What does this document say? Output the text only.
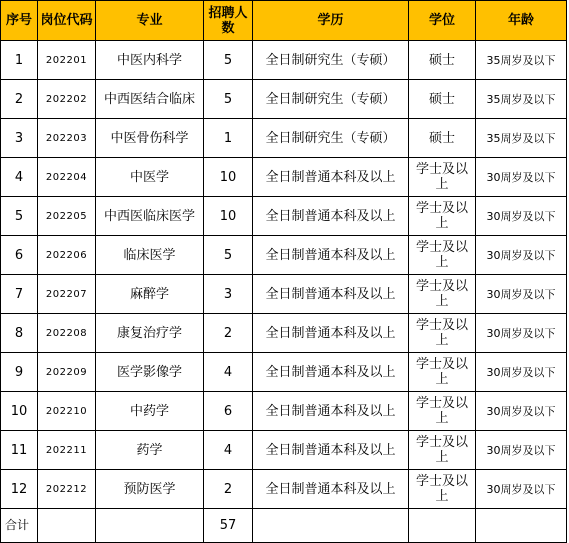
序号	岗位代码	专业	招聘人数	学历	学位	年龄
1	202201	中医内科学	5	全日制研究生（专硕）	硕士	35周岁及以下
2	202202	中西医结合临床	5	全日制研究生（专硕）	硕士	35周岁及以下
3	202203	中医骨伤科学	1	全日制研究生（专硕）	硕士	35周岁及以下
4	202204	中医学	10	全日制普通本科及以上	学士及以上	30周岁及以下
5	202205	中西医临床医学	10	全日制普通本科及以上	学士及以上	30周岁及以下
6	202206	临床医学	5	全日制普通本科及以上	学士及以上	30周岁及以下
7	202207	麻醉学	3	全日制普通本科及以上	学士及以上	30周岁及以下
8	202208	康复治疗学	2	全日制普通本科及以上	学士及以上	30周岁及以下
9	202209	医学影像学	4	全日制普通本科及以上	学士及以上	30周岁及以下
10	202210	中药学	6	全日制普通本科及以上	学士及以上	30周岁及以下
11	202211	药学	4	全日制普通本科及以上	学士及以上	30周岁及以下
12	202212	预防医学	2	全日制普通本科及以上	学士及以上	30周岁及以下
合计			57			
